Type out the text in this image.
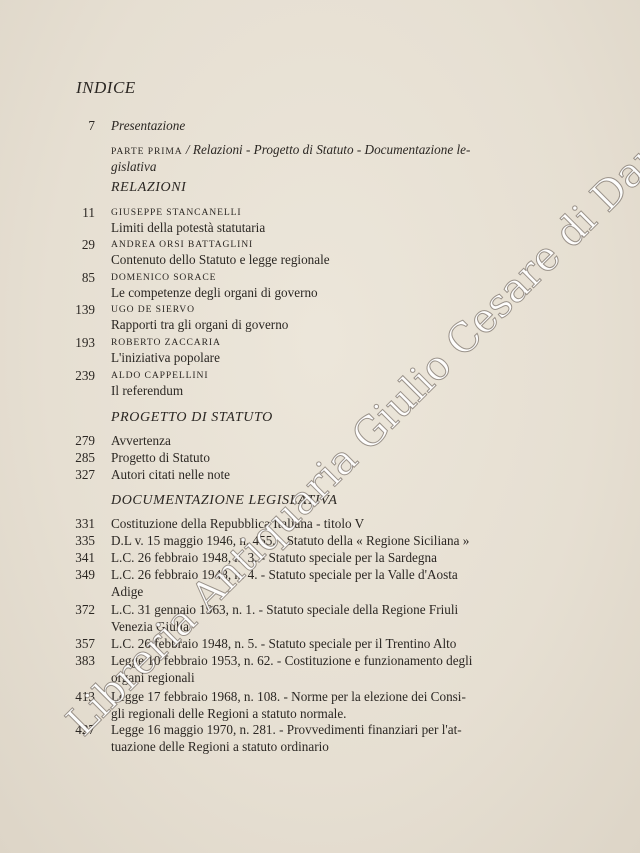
INDICE
7 Presentazione
PARTE PRIMA / Relazioni - Progetto di Statuto - Documentazione le-
gislativa
RELAZIONI
11 GIUSEPPE STANCANELLI
Limiti della potestà statutaria
29 ANDREA ORSI BATTAGLINI
Contenuto dello Statuto e legge regionale
85 DOMENICO SORACE
Le competenze degli organi di governo
139 UGO DE SIERVO
Rapporti tra gli organi di governo
193 ROBERTO ZACCARIA
L'iniziativa popolare
239 ALDO CAPPELLINI
Il referendum
PROGETTO DI STATUTO
279 Avvertenza
285 Progetto di Statuto
327 Autori citati nelle note
DOCUMENTAZIONE LEGISLATIVA
331 Costituzione della Repubblica Italiana - titolo V
335 D.L v. 15 maggio 1946, n. 455. - Statuto della « Regione Siciliana »
341 L.C. 26 febbraio 1948, n. 3. - Statuto speciale per la Sardegna
349 L.C. 26 febbraio 1948, n. 4. - Statuto speciale per la Valle d'Aosta
Adige
372 L.C. 31 gennaio 1963, n. 1. - Statuto speciale della Regione Friuli
Venezia Giulia
357 L.C. 26 febbraio 1948, n. 5. - Statuto speciale per il Trentino Alto
383 Legge 10 febbraio 1953, n. 62. - Costituzione e funzionamento degli
organi regionali
413 Legge 17 febbraio 1968, n. 108. - Norme per la elezione dei Consi-
gli regionali delle Regioni a statuto normale.
427 Legge 16 maggio 1970, n. 281. - Provvedimenti finanziari per l'at-
tuazione delle Regioni a statuto ordinario
